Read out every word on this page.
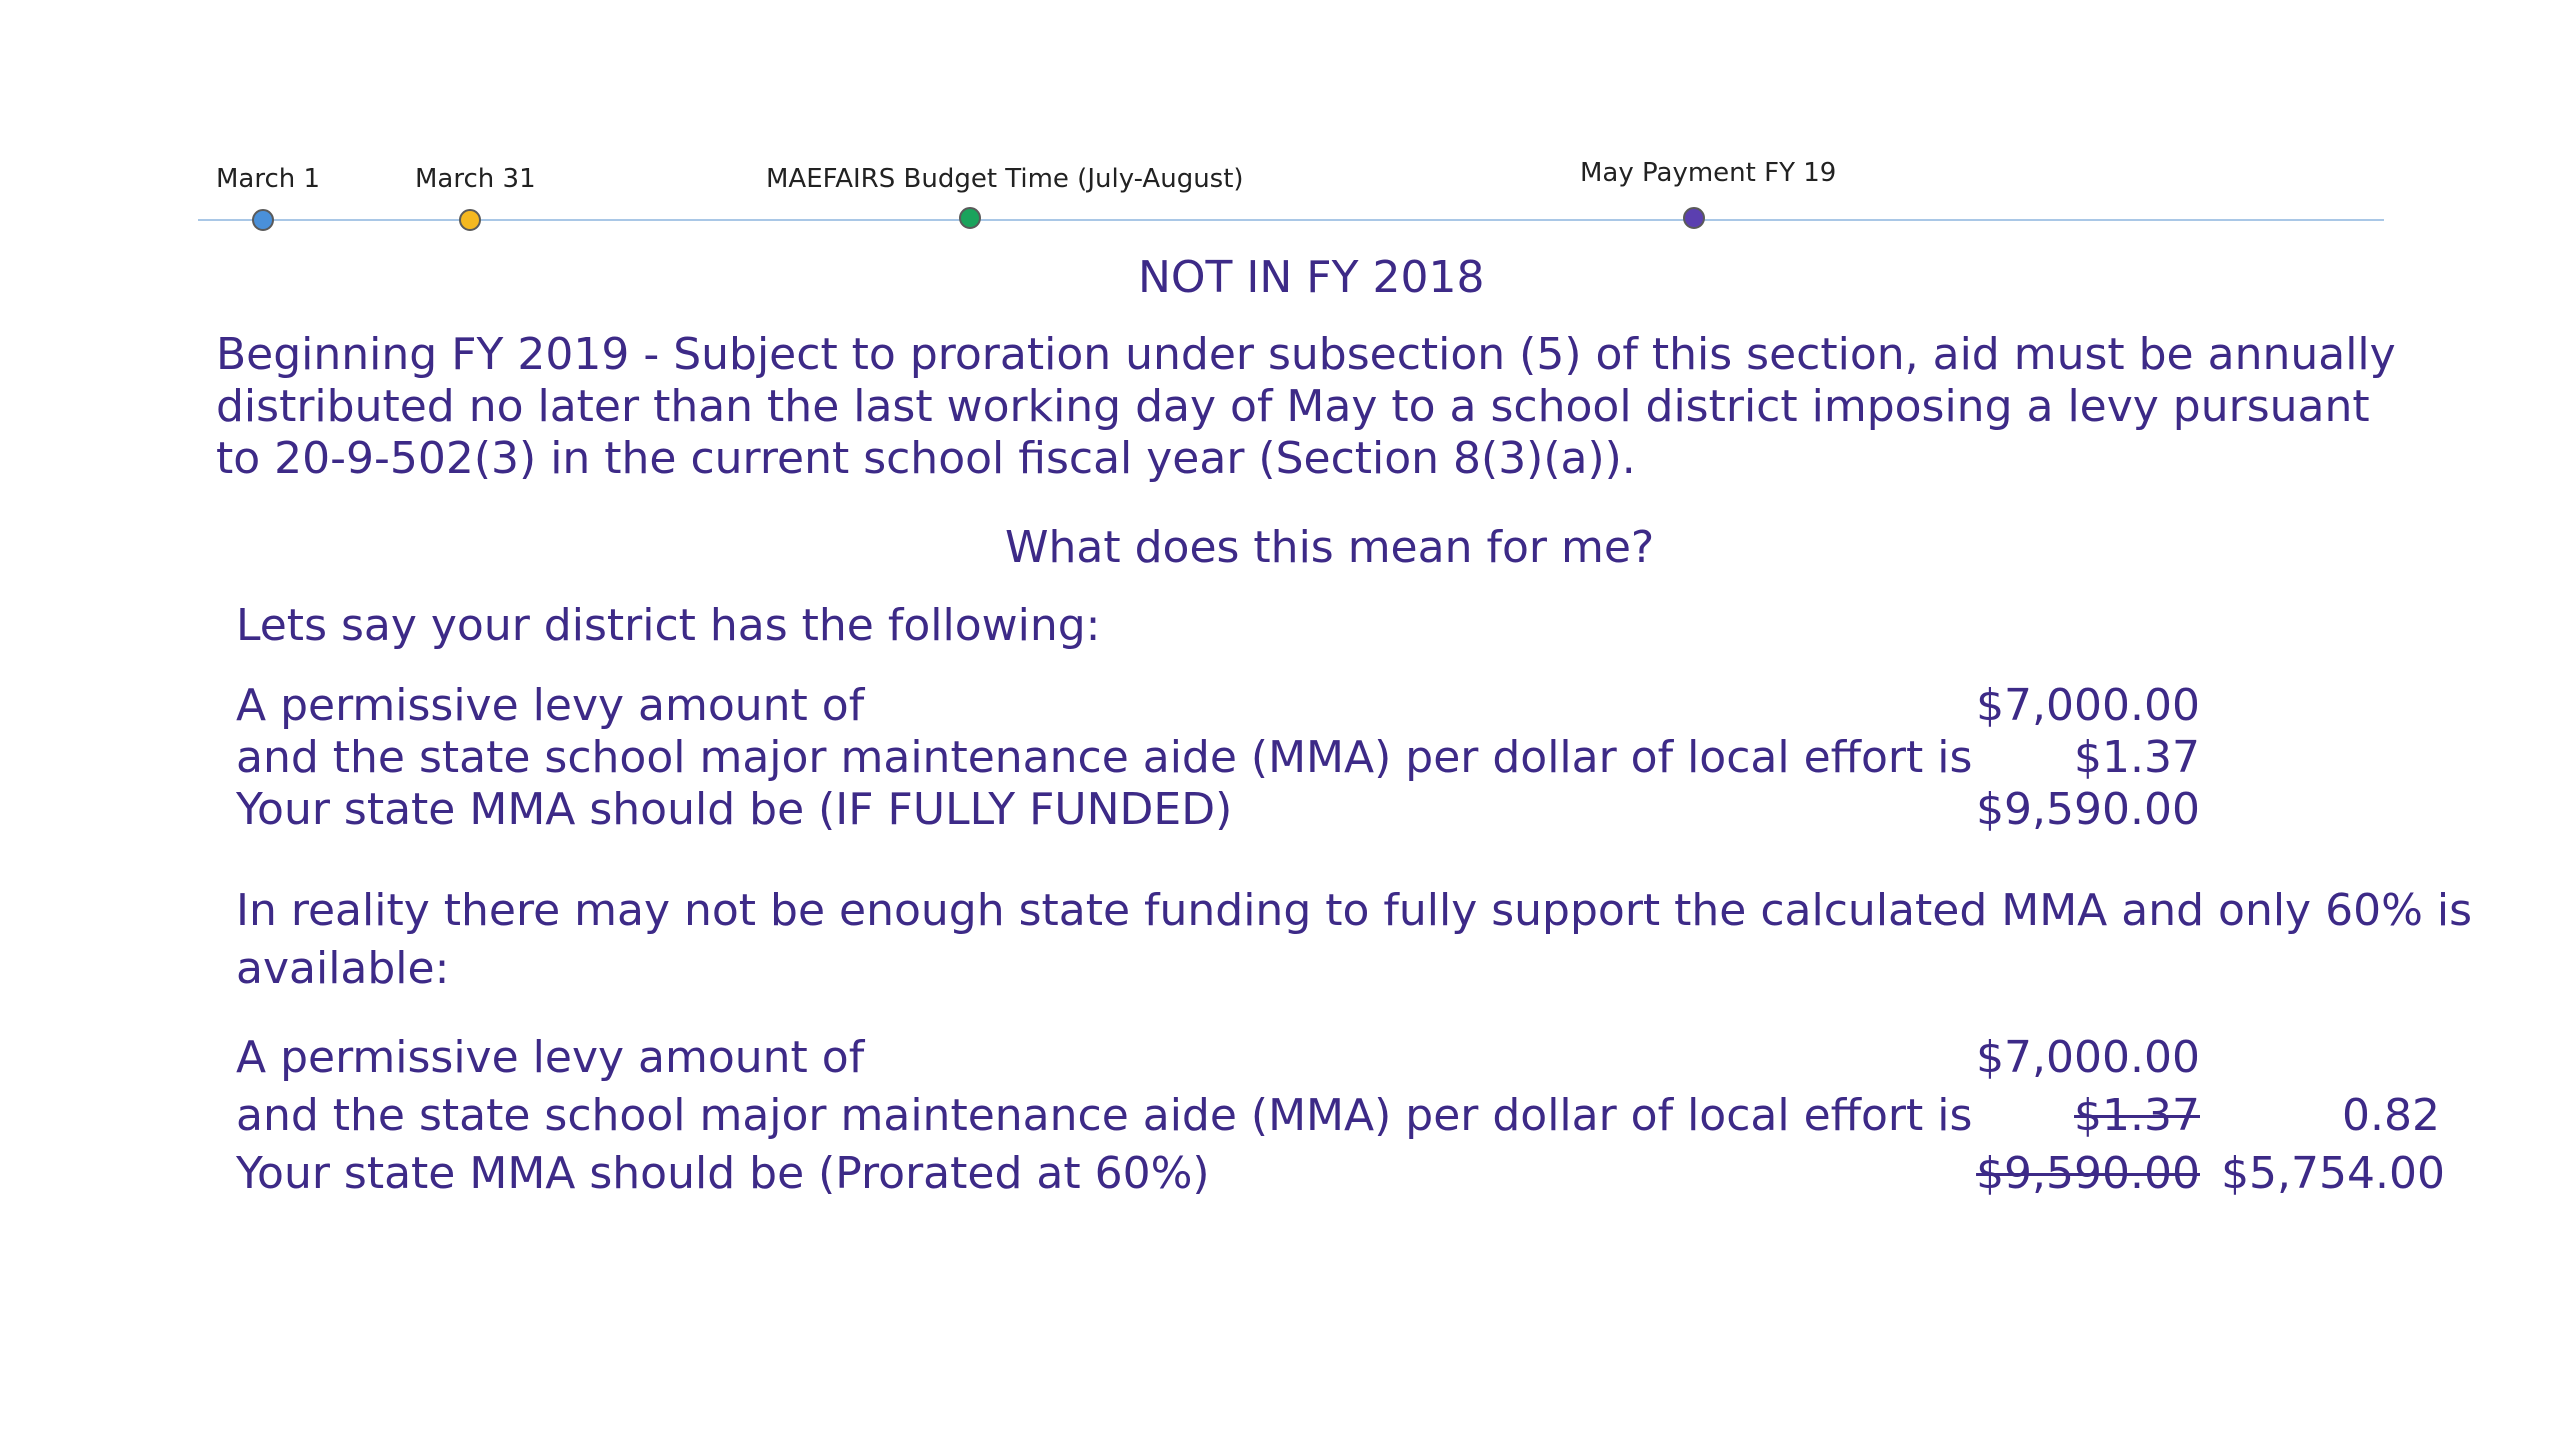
March 1	March 31	MAEFAIRS Budget Time (July-August)	May Payment FY 19
NOT IN FY 2018
Beginning FY 2019 - Subject to proration under subsection (5) of this section, aid must be annually distributed no later than the last working day of May to a school district imposing a levy pursuant to 20-9-502(3) in the current school fiscal year (Section 8(3)(a)).
What does this mean for me?
Lets say your district has the following:
A permissive levy amount of	$7,000.00
and the state school major maintenance aide (MMA) per dollar of local effort is	$1.37
Your state MMA should be (IF FULLY FUNDED)	$9,590.00
In reality there may not be enough state funding to fully support the calculated MMA and only 60% is available:
A permissive levy amount of	$7,000.00
and the state school major maintenance aide (MMA) per dollar of local effort is	$1.37	0.82
Your state MMA should be (Prorated at 60%)	$9,590.00 $5,754.00
